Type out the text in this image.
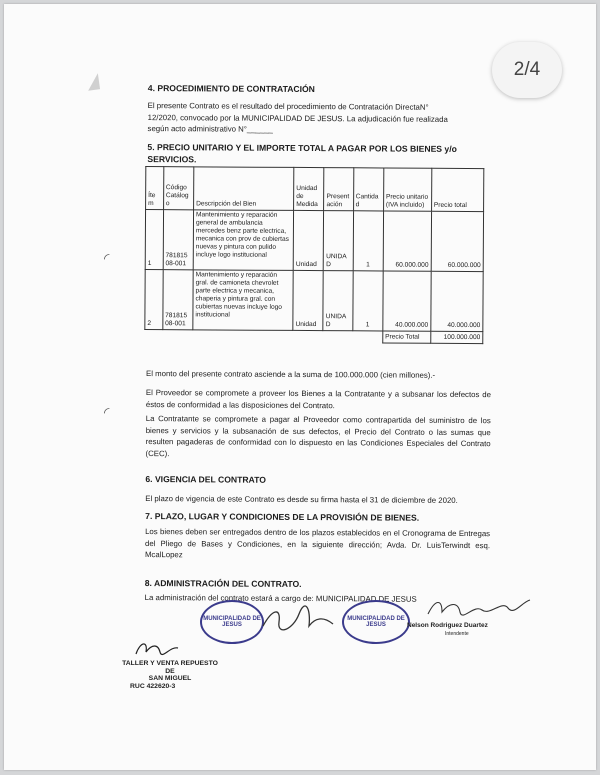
4. PROCEDIMIENTO DE CONTRATACIÓN
El presente Contrato es el resultado del procedimiento de Contratación DirectaN°
12/2020, convocado por la MUNICIPALIDAD DE JESUS. La adjudicación fue realizada
según acto administrativo N°______
5. PRECIO UNITARIO Y EL IMPORTE TOTAL A PAGAR POR LOS BIENES y/o
SERVICIOS.
Íte m	Código Catálog o	Descripción del Bien	Unidad de Medida	Present ación	Cantida d	Precio unitario (IVA incluido)	Precio total
1	781815 08-001	Mantenimiento y reparación general de ambulancia mercedes benz parte electrica, mecanica con prov de cubiertas nuevas y pintura con pulido incluye logo institucional	Unidad	UNIDA D	1	60.000.000	60.000.000
2	781815 08-001	Mantenimiento y reparación gral. de camioneta chevrolet parte electrica y mecanica, chaperia y pintura gral. con cubiertas nuevas incluye logo institucional	Unidad	UNIDA D	1	40.000.000	40.000.000
						Precio Total	100.000.000
El monto del presente contrato asciende a la suma de 100.000.000 (cien millones).-
El Proveedor se compromete a proveer los Bienes a la Contratante y a subsanar los defectos de éstos de conformidad a las disposiciones del Contrato.
La Contratante se compromete a pagar al Proveedor como contrapartida del suministro de los bienes y servicios y la subsanación de sus defectos, el Precio del Contrato o las sumas que resulten pagaderas de conformidad con lo dispuesto en las Condiciones Especiales del Contrato (CEC).
6. VIGENCIA DEL CONTRATO
El plazo de vigencia de este Contrato es desde su firma hasta el 31 de diciembre de 2020.
7. PLAZO, LUGAR Y CONDICIONES DE LA PROVISIÓN DE BIENES.
Los bienes deben ser entregados dentro de los plazos establecidos en el Cronograma de Entregas del Pliego de Bases y Condiciones, en la siguiente dirección; Avda. Dr. LuisTerwindt esq. McalLopez
8. ADMINISTRACIÓN DEL CONTRATO.
La administración del contrato estará a cargo de: MUNICIPALIDAD DE JESUS
MUNICIPALIDAD DE JESUS
MUNICIPALIDAD DE JESUS	Nelson Rodriguez Duartez
Intendente
TALLER Y VENTA REPUESTO
DE
SAN MIGUEL
RUC 422620-3
◜
◜
2/4
